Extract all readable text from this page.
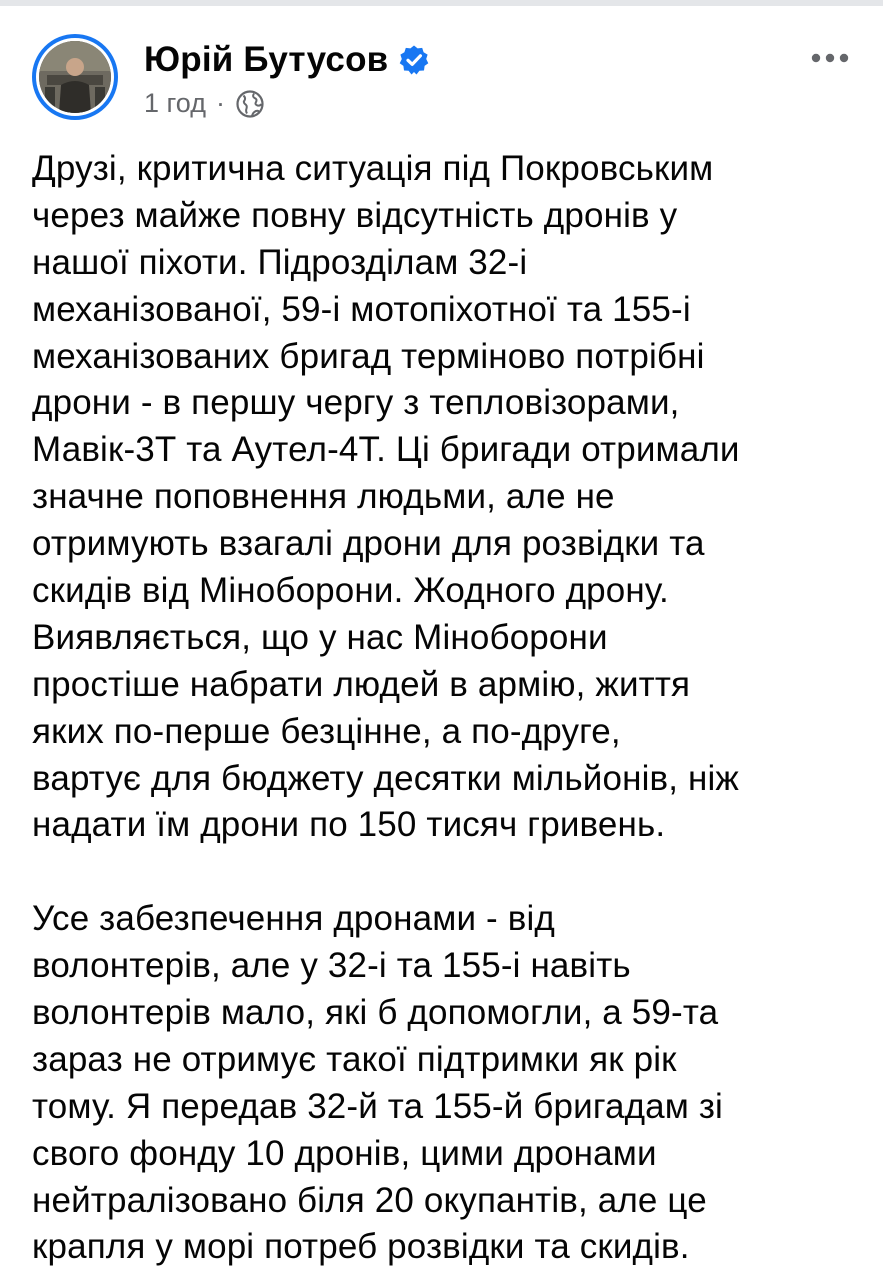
Юрій Бутусов
1 год ·
Друзі, критична ситуація під Покровським
через майже повну відсутність дронів у
нашої піхоти. Підрозділам 32-і
механізованої, 59-і мотопіхотної та 155-і
механізованих бригад терміново потрібні
дрони - в першу чергу з тепловізорами,
Мавік-3Т та Аутел-4Т. Ці бригади отримали
значне поповнення людьми, але не
отримують взагалі дрони для розвідки та
скидів від Міноборони. Жодного дрону.
Виявляється, що у нас Міноборони
простіше набрати людей в армію, життя
яких по-перше безцінне, а по-друге,
вартує для бюджету десятки мільйонів, ніж
надати їм дрони по 150 тисяч гривень.
Усе забезпечення дронами - від
волонтерів, але у 32-і та 155-і навіть
волонтерів мало, які б допомогли, а 59-та
зараз не отримує такої підтримки як рік
тому. Я передав 32-й та 155-й бригадам зі
свого фонду 10 дронів, цими дронами
нейтралізовано біля 20 окупантів, але це
крапля у морі потреб розвідки та скидів.
